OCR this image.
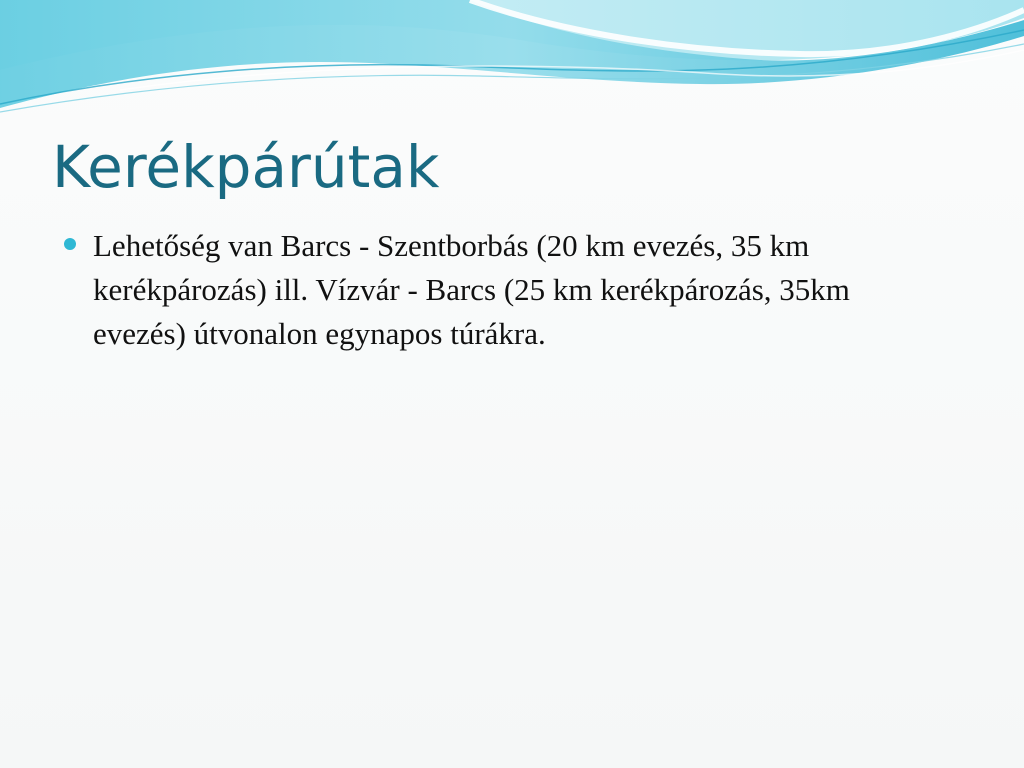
Kerékpárútak
Lehetőség van Barcs - Szentborbás (20 km evezés, 35 km kerékpározás) ill. Vízvár - Barcs (25 km kerékpározás, 35km evezés) útvonalon egynapos túrákra.
